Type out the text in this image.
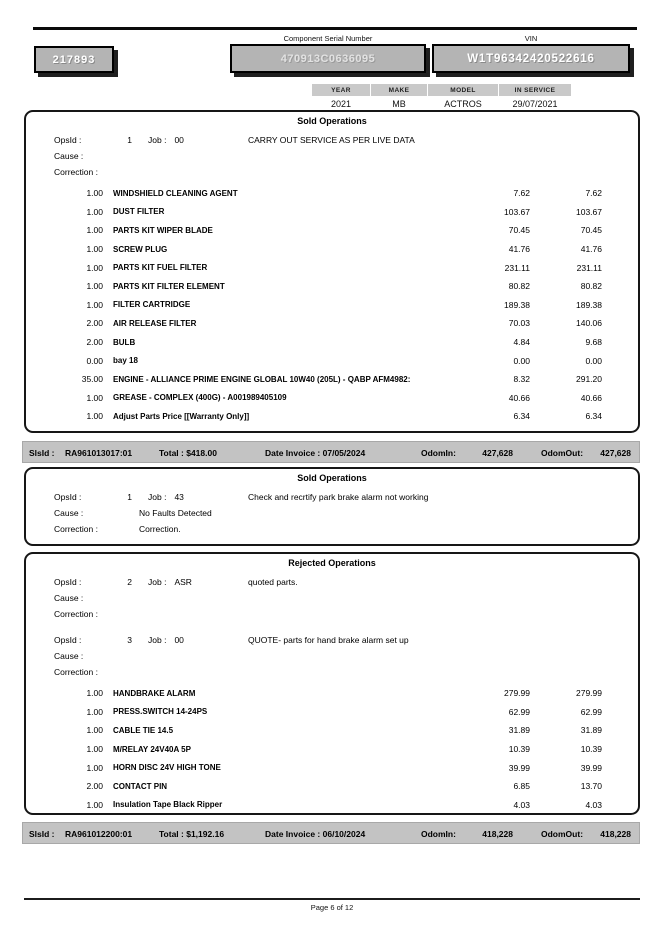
217893
Component Serial Number
470913C0636095
VIN
W1T96342420522616
YEAR	MAKE	MODEL	IN SERVICE
2021	MB	ACTROS	29/07/2021
Sold Operations
OpsId :	1 Job : 00	CARRY OUT SERVICE AS PER LIVE DATA
Cause :
Correction :
1.00	WINDSHIELD CLEANING AGENT	7.62	7.62
1.00	DUST FILTER	103.67	103.67
1.00	PARTS KIT WIPER BLADE	70.45	70.45
1.00	SCREW PLUG	41.76	41.76
1.00	PARTS KIT FUEL FILTER	231.11	231.11
1.00	PARTS KIT FILTER ELEMENT	80.82	80.82
1.00	FILTER CARTRIDGE	189.38	189.38
2.00	AIR RELEASE FILTER	70.03	140.06
2.00	BULB	4.84	9.68
0.00	bay 18	0.00	0.00
35.00	ENGINE - ALLIANCE PRIME ENGINE GLOBAL 10W40 (205L) - QABP AFM4982:	8.32	291.20
1.00	GREASE - COMPLEX (400G) - A001989405109	40.66	40.66
1.00	Adjust Parts Price [[Warranty Only]]	6.34	6.34
SlsId : RA961013017:01	Total : $418.00	Date Invoice : 07/05/2024	OdomIn:	427,628	OdomOut:	427,628
Sold Operations
OpsId :	1 Job : 43	Check and recrtify park brake alarm not working
Cause :	No Faults Detected
Correction :	Correction.
Rejected Operations
OpsId :	2 Job : ASR	quoted parts.
Cause :
Correction :
OpsId :	3 Job : 00	QUOTE- parts for hand brake alarm set up
Cause :
Correction :
1.00	HANDBRAKE ALARM	279.99	279.99
1.00	PRESS.SWITCH 14-24PS	62.99	62.99
1.00	CABLE TIE 14.5	31.89	31.89
1.00	M/RELAY 24V40A 5P	10.39	10.39
1.00	HORN DISC 24V HIGH TONE	39.99	39.99
2.00	CONTACT PIN	6.85	13.70
1.00	Insulation Tape Black Ripper	4.03	4.03
SlsId : RA961012200:01	Total : $1,192.16	Date Invoice : 06/10/2024	OdomIn:	418,228	OdomOut:	418,228
Page 6 of 12
